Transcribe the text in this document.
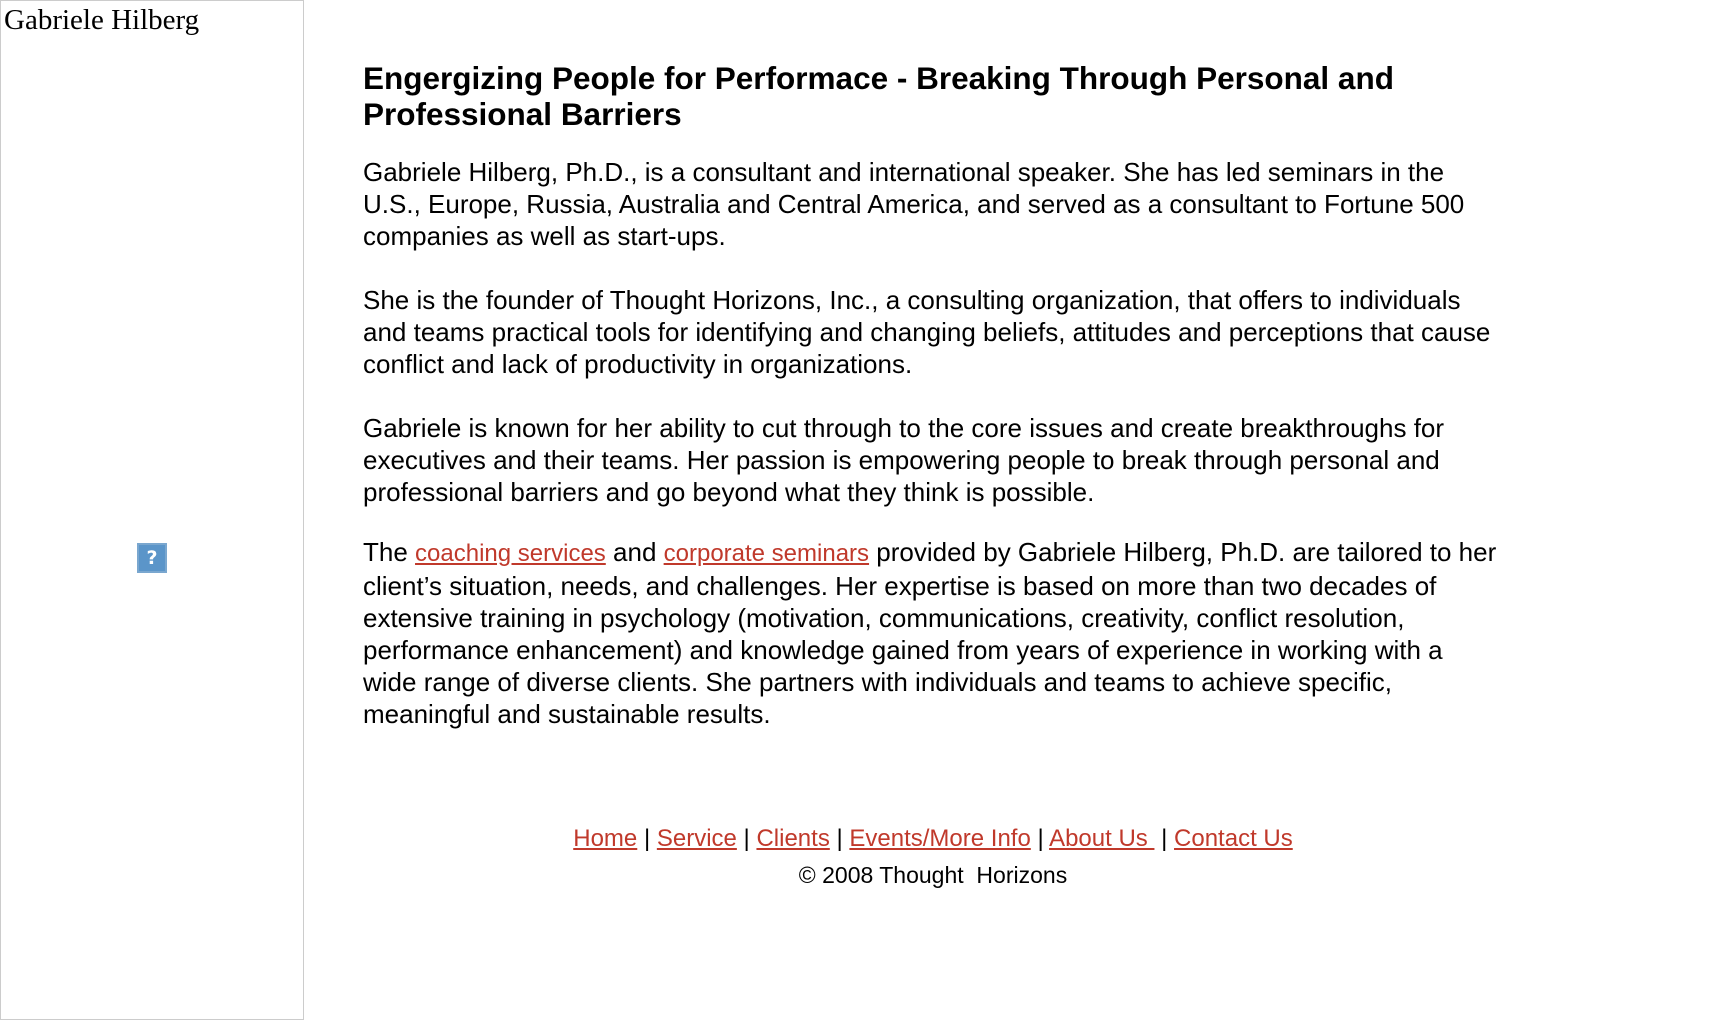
Gabriele Hilberg
?
Engergizing People for Performace - Breaking Through Personal and Professional Barriers

Gabriele Hilberg, Ph.D., is a consultant and international speaker. She has led seminars in the U.S., Europe, Russia, Australia and Central America, and served as a consultant to Fortune 500 companies as well as start-ups.

She is the founder of Thought Horizons, Inc., a consulting organization, that offers to individuals and teams practical tools for identifying and changing beliefs, attitudes and perceptions that cause conflict and lack of productivity in organizations.

Gabriele is known for her ability to cut through to the core issues and create breakthroughs for executives and their teams. Her passion is empowering people to break through personal and professional barriers and go beyond what they think is possible.

The coaching services and corporate seminars provided by Gabriele Hilberg, Ph.D. are tailored to her client’s situation, needs, and challenges. Her expertise is based on more than two decades of extensive training in psychology (motivation, communications, creativity, conflict resolution, performance enhancement) and knowledge gained from years of experience in working with a wide range of diverse clients. She partners with individuals and teams to achieve specific, meaningful and sustainable results.

Home | Service | Clients | Events/More Info | About Us  | Contact Us
© 2008 Thought  Horizons
